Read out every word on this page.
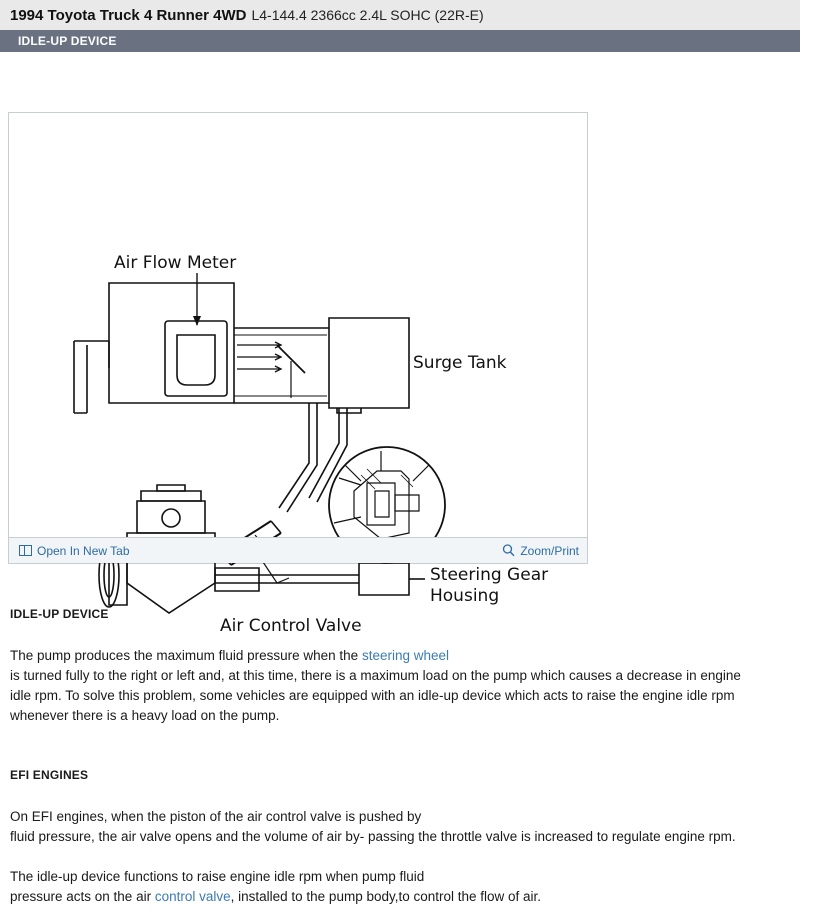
1994 Toyota Truck 4 Runner 4WD L4-144.4 2366cc 2.4L SOHC (22R-E)
IDLE-UP DEVICE
Air Flow Meter
Surge Tank
Steering Gear
Housing
Air Control Valve
Open In New Tab	Zoom/Print
IDLE-UP DEVICE
The pump produces the maximum fluid pressure when the steering wheel
is turned fully to the right or left and, at this time, there is a maximum load on the pump which causes a decrease in engine
idle rpm. To solve this problem, some vehicles are equipped with an idle-up device which acts to raise the engine idle rpm
whenever there is a heavy load on the pump.
EFI ENGINES
On EFI engines, when the piston of the air control valve is pushed by
fluid pressure, the air valve opens and the volume of air by- passing the throttle valve is increased to regulate engine rpm.
The idle-up device functions to raise engine idle rpm when pump fluid
pressure acts on the air control valve, installed to the pump body,to control the flow of air.
